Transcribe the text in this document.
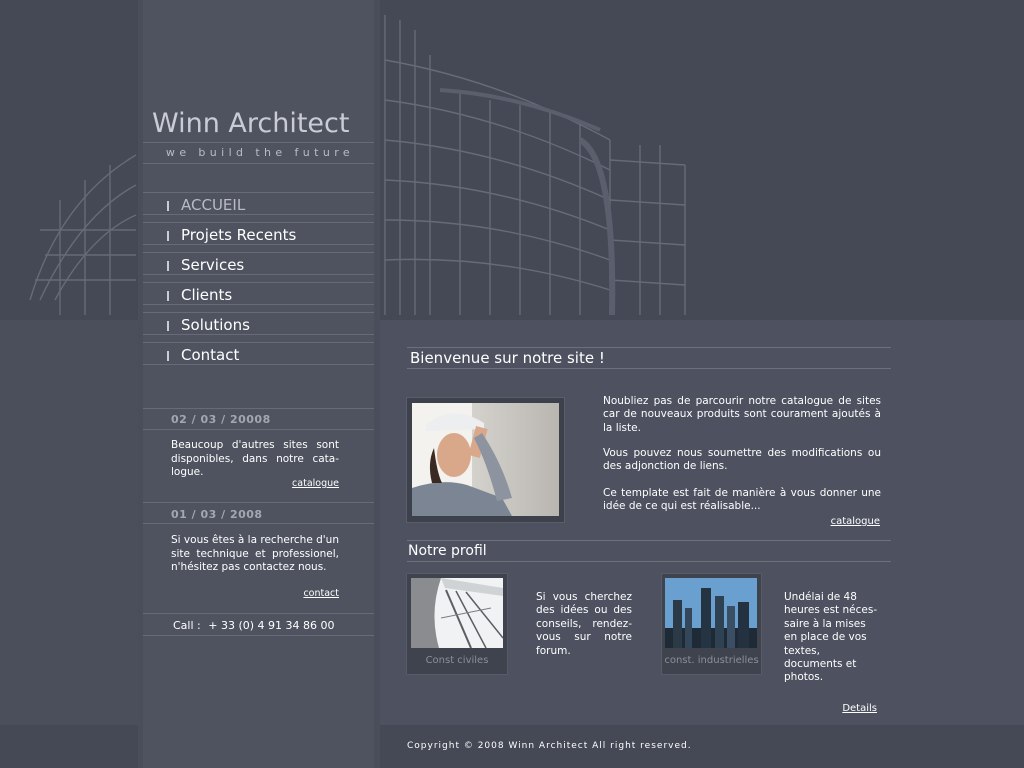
Winn Architect
we build the future
ACCUEIL
Projets Recents
Services
Clients
Solutions
Contact
02 / 03 / 20008
Beaucoup d'autres sites sont disponibles, dans notre cata-logue.
catalogue
01 / 03 / 2008
Si vous êtes à la recherche d'un site technique et professionel, n'hésitez pas contactez nous.
contact
Call : + 33 (0) 4 91 34 86 00
Bienvenue sur notre site !
Noubliez pas de parcourir notre catalogue de sites car de nouveaux produits sont courament ajoutés à la liste.
Vous pouvez nous soumettre des modifications ou des adjonction de liens.
Ce template est fait de manière à vous donner une idée de ce qui est réalisable...
catalogue
Notre profil
Const civiles
Si vous cherchez des idées ou des conseils, rendez-vous sur notre forum.
const. industrielles
Undélai de 48 heures est néces-saire à la mises en place de vos textes, documents et photos.
Details
Copyright © 2008 Winn Architect All right reserved.
